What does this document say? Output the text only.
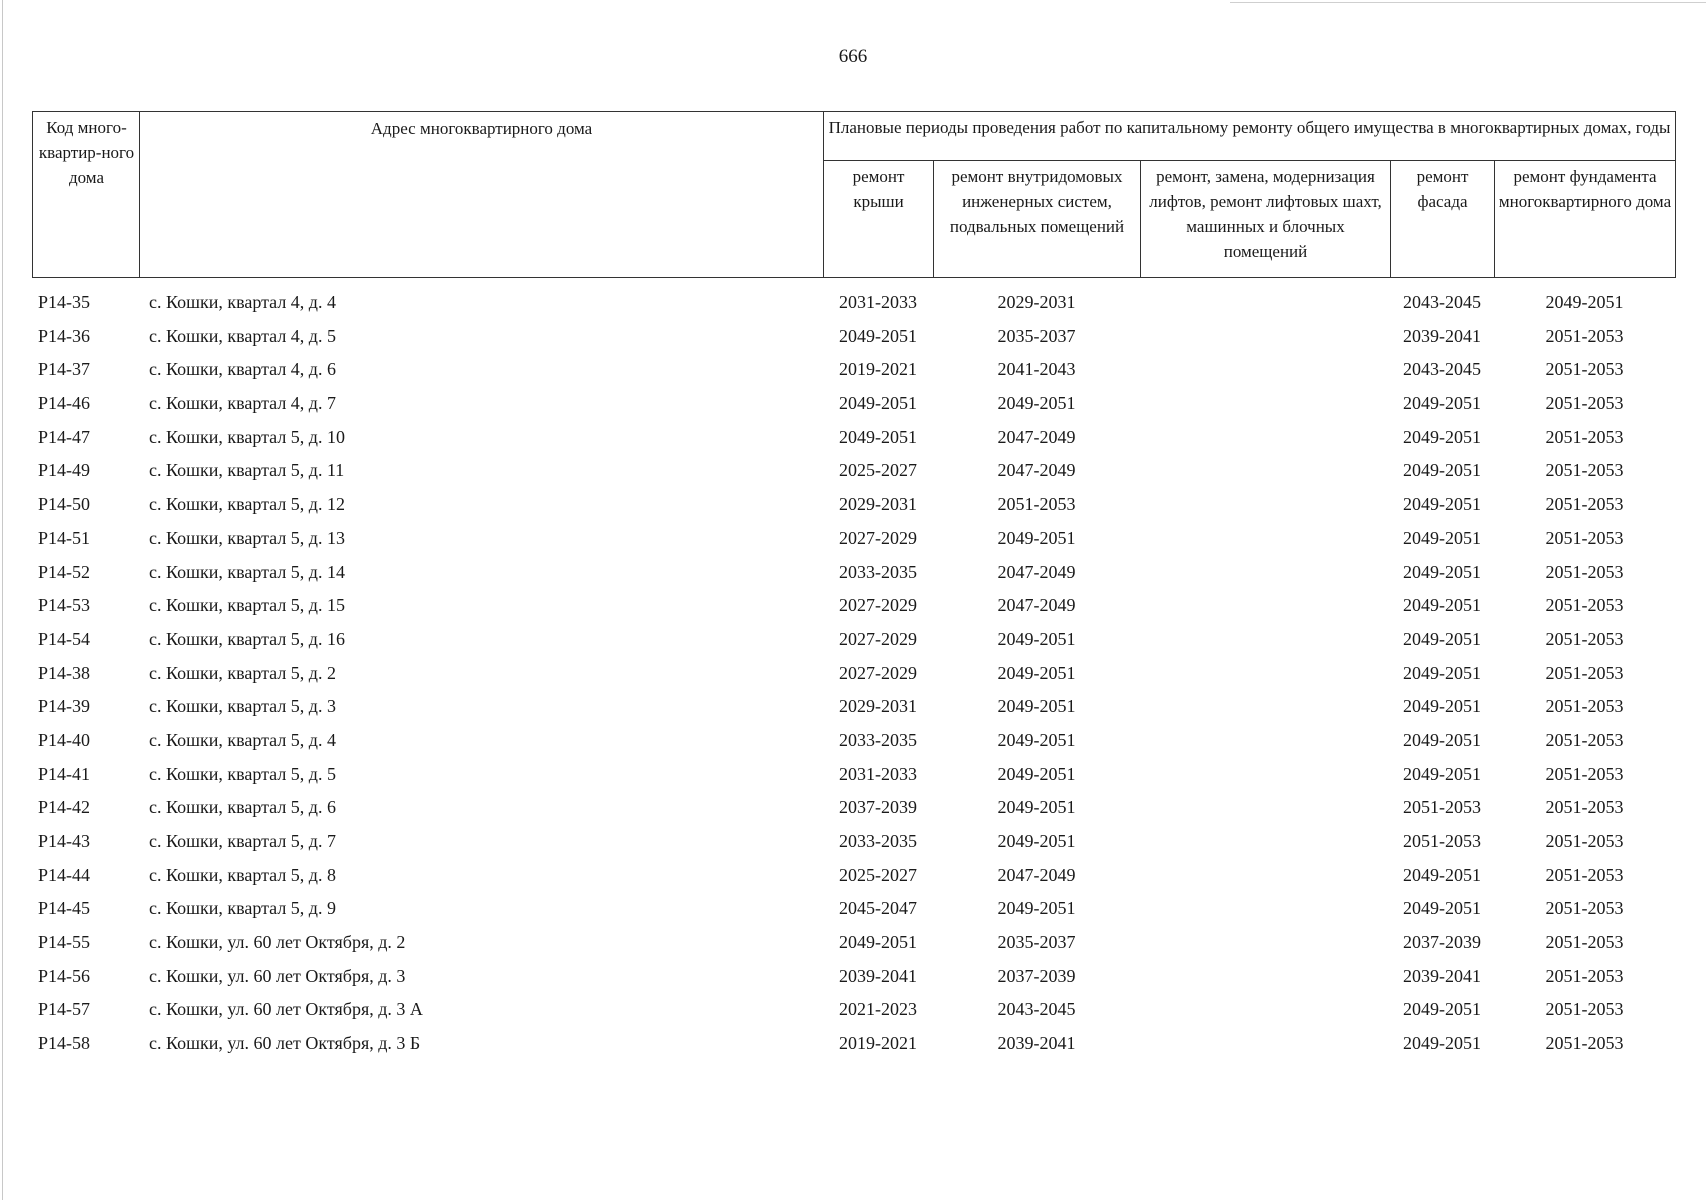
666
Код много-квартир-ного дома	Адрес многоквартирного дома	Плановые периоды проведения работ по капитальному ремонту общего имущества в многоквартирных домах, годы				
		ремонт крыши	ремонт внутридомовых инженерных систем, подвальных помещений	ремонт, замена, модернизация лифтов, ремонт лифтовых шахт, машинных и блочных помещений	ремонт фасада	ремонт фундамента многоквартирного дома
P14-35	с. Кошки, квартал 4, д. 4	2031-2033	2029-2031		2043-2045	2049-2051
P14-36	с. Кошки, квартал 4, д. 5	2049-2051	2035-2037		2039-2041	2051-2053
P14-37	с. Кошки, квартал 4, д. 6	2019-2021	2041-2043		2043-2045	2051-2053
P14-46	с. Кошки, квартал 4, д. 7	2049-2051	2049-2051		2049-2051	2051-2053
P14-47	с. Кошки, квартал 5, д. 10	2049-2051	2047-2049		2049-2051	2051-2053
P14-49	с. Кошки, квартал 5, д. 11	2025-2027	2047-2049		2049-2051	2051-2053
P14-50	с. Кошки, квартал 5, д. 12	2029-2031	2051-2053		2049-2051	2051-2053
P14-51	с. Кошки, квартал 5, д. 13	2027-2029	2049-2051		2049-2051	2051-2053
P14-52	с. Кошки, квартал 5, д. 14	2033-2035	2047-2049		2049-2051	2051-2053
P14-53	с. Кошки, квартал 5, д. 15	2027-2029	2047-2049		2049-2051	2051-2053
P14-54	с. Кошки, квартал 5, д. 16	2027-2029	2049-2051		2049-2051	2051-2053
P14-38	с. Кошки, квартал 5, д. 2	2027-2029	2049-2051		2049-2051	2051-2053
P14-39	с. Кошки, квартал 5, д. 3	2029-2031	2049-2051		2049-2051	2051-2053
P14-40	с. Кошки, квартал 5, д. 4	2033-2035	2049-2051		2049-2051	2051-2053
P14-41	с. Кошки, квартал 5, д. 5	2031-2033	2049-2051		2049-2051	2051-2053
P14-42	с. Кошки, квартал 5, д. 6	2037-2039	2049-2051		2051-2053	2051-2053
P14-43	с. Кошки, квартал 5, д. 7	2033-2035	2049-2051		2051-2053	2051-2053
P14-44	с. Кошки, квартал 5, д. 8	2025-2027	2047-2049		2049-2051	2051-2053
P14-45	с. Кошки, квартал 5, д. 9	2045-2047	2049-2051		2049-2051	2051-2053
P14-55	с. Кошки, ул. 60 лет Октября, д. 2	2049-2051	2035-2037		2037-2039	2051-2053
P14-56	с. Кошки, ул. 60 лет Октября, д. 3	2039-2041	2037-2039		2039-2041	2051-2053
P14-57	с. Кошки, ул. 60 лет Октября, д. 3 А	2021-2023	2043-2045		2049-2051	2051-2053
P14-58	с. Кошки, ул. 60 лет Октября, д. 3 Б	2019-2021	2039-2041		2049-2051	2051-2053
